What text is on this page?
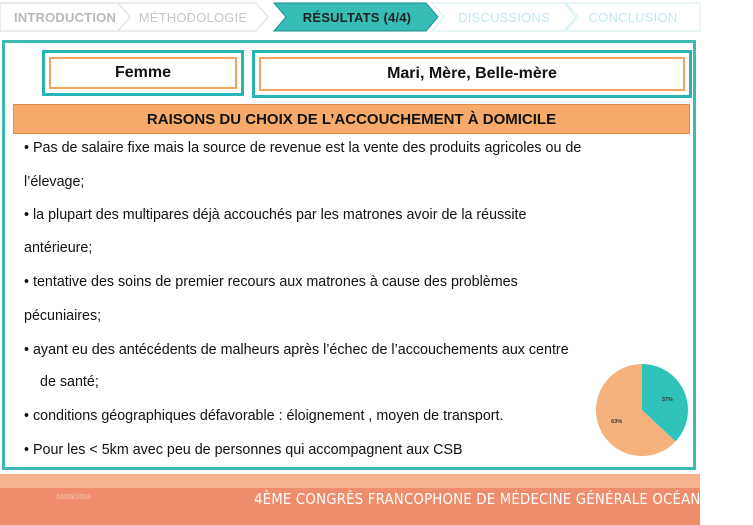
INTRODUCTION MÉTHODOLOGIE	RÉSULTATS (4/4)	DISCUSSIONS	CONCLUSION
Femme	Mari, Mère, Belle-mère
RAISONS DU CHOIX DE L’ACCOUCHEMENT À DOMICILE
• Pas de salaire fixe mais la source de revenue est la vente des produits agricoles ou de
l’élevage;
• la plupart des multipares déjà accouchés par les matrones avoir de la réussite
antérieure;
• tentative des soins de premier recours aux matrones à cause des problèmes
pécuniaires;
• ayant eu des antécédents de malheurs après l’échec de l’accouchements aux centre
de santé;
• conditions géographiques défavorable : éloignement , moyen de transport.
• Pour les < 5km avec peu de personnes qui accompagnent aux CSB
37%
63%
16/05/2024	4ÈME CONGRÈS FRANCOPHONE DE MÉDECINE GÉNÉRALE OCÉAN INDIEN
